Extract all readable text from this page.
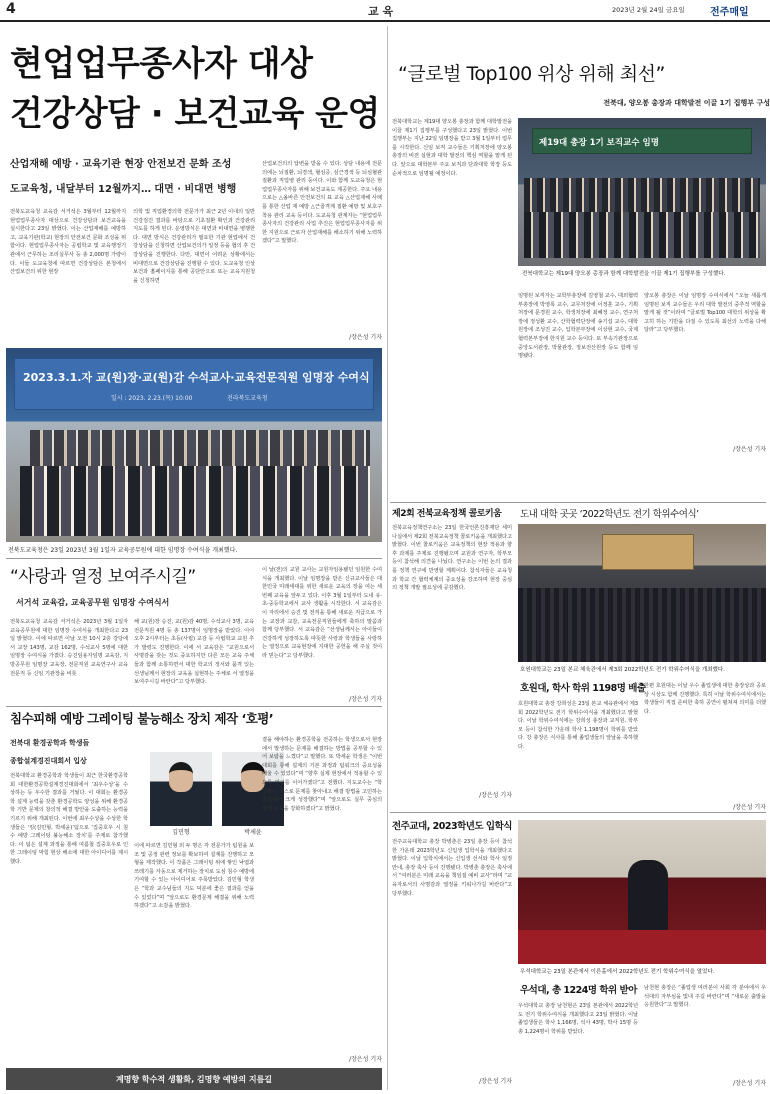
4	교 육	2023년 2월 24일 금요일	전주매일
현업업무종사자 대상
건강상담 · 보건교육 운영
산업재해 예방 · 교육기관 현장 안전보건 문화 조성
도교육청, 내달부터 12월까지… 대면 · 비대면 병행
전북도교육청 교육감 서거석은 3월부터 12월까지 현업업무종사자 대상으로 건강상담과 보건교육을 실시한다고 23일 밝혔다. 이는 산업재해를 예방하고, 교육기관(학교) 현장의 안전보건 문화 조성을 위함이다. 현업업무종사자는 공립학교 및 교육행정기관에서 근무하는 조리실무사 등 총 2,000명 가량이다. 이들 도교육청에 따르면 건강상담은 본청에서 산업보건의 위한 현장
의학 및 직업환경의학 전문가가 최근 2년 이내의 일반건강검진 결과를 바탕으로 기초질환 확인과 건강관리 지도를 하게 된다. 운영방식은 대면과 비대면을 병행한다. 대면 방식은 건강관리가 필요한 기관 현업에서 건강상담을 신청하면 산업보건의가 일정 등을 협의 후 건강상담을 진행한다. 다만, 대면이 어려운 상황에서는 비대면으로 건강상담을 진행할 수 있다. 도교육청 인상보건과 홈페이지를 통해 공단안으로 또는 교육지원청을 신청하면
산업보건의의 답변을 받을 수 있다. 상담 내용에 전문의에는 뇌질환, 뇌경색, 혈심증, 심근경색 등 뇌심혈관질환과 직업병 관리 등이다. 이와 함께 도교육청은 현업업무종사자를 위해 보건교육도 제공한다. 주요 내용으로는 △올바른 안전보건의 표 교육 △산업재해 사례를 통한 산업 재 예방 △근골격계 질환 예방 및 보호구 착용 관리 교육 등이다. 도교육청 관계자는 “현업업무종사자의 건강관리 사업 추진은 현업업무종사자를 위한 지원으로 근로자 산업재해를 해소하기 위해 노력하겠다”고 말했다.
/장은성 기자
2023.3.1.자 교(원)장·교(원)감 수석교사·교육전문직원 임명장 수여식
일시 : 2023. 2.23.(목) 10:00	전라북도교육청
전북도교육청은 23일 2023년 3월 1일자 교육공무원에 대한 임명장 수여식을 개최했다.
“사랑과 열정 보여주시길”
서거석 교육감, 교육공무원 임명장 수여식서
전북도교육청 교육감 서거석은 2023년 3월 1일자 교육공무원에 대한 임명장 수여식을 개최한다고 23일 밝혔다. 이에 따르면 이날 오전 10시 2층 강당에서 교장 143명, 교감 162명, 수석교사 5명에 대한 임명장 수여식을 가졌다. 승진임용자임명 교육감, 지방공무원 임명장 교육장, 전문직원 교육연구사 교육전문직 등 신임 기관장을 비롯
해 교(원)장 승진, 교(원)감 40명, 수석교사 3명, 교육전문직원 4명 등 총 137명이 임명장을 받았다. 이어 오후 2시부터는 초등(사립) 교감 등 사립학교 교원 추가 발령도 진행한다. 이에 서 교육감은 “교원으로서 사명감을 갖는 것도 중요하지만 다른 모든 교육 주체들과 함께 소통하면서 대한 학교의 정서와 품격 있는 선생님께서 현장의 교육을 실현하는 주체로 서 열정을 보여주시길 바란다”고 당부했다.
이 날(전)의 교원 교사는 교원자임용됐던 임원한 수여식을 개최했다. 이날 임명장을 받은 신규교사들은 대한민국 미래세대를 위한 새로운 교육의 장을 여는 세 번째 교육을 앞두고 있다. 이후 3월 1일부터 도내 유·초·중등학교에서 교사 생활을 시작한다. 서 교육감은 이 자리에서 승진 및 전직을 통해 새로운 직급으로 가는 교장과 교감, 교육전문직원들에게 축하의 말씀과 함께 당부했다. 서 교육감은 “선생님께서는 아이들이 건강하게 성장하도록 따뜻한 사랑과 학생들을 사랑하는 열정으로 교육현장에 지대한 공헌을 해 주실 것이라 믿는다”고 당부했다.
/장은성 기자
침수피해 예방 그레이팅 불능해소 장치 제작 ‘호평’
전북대 환경공학과 학생들
종합설계경진대회서 입상
전북대학교 환경공학과 학생들이 최근 한국환경공학회 대한환경공학설계경진대회에서 ‘최우수상’을 수상하는 등 우수한 결과를 거뒀다. 이 대회는 환경공학 설계 능력을 갖춘 환경공학도 양성을 위해 환경공학 기반 문제의 창의적 해결 방안을 도출하는 능력을 기르기 위해 개최된다. 이번에 최우수상을 수상한 학생들은 ‘킹(김민형, 박세윤)’팀으로 ‘집중호우 시 침수 예방 그레이팅 불능해소 장치’를 주제로 참가했다. 이 팀은 설계 과정을 통해 여름철 집중호우로 인한 그레이팅 막힘 현상 해소에 대한 아이디어를 제시했다.
김민형	박세윤
이에 따르면 김민형 외 두 명은 각 전문가가 팀원을 보조 및 공정 관련 정보를 확보하여 설계를 진행하고 모형을 제작했다. 이 작품은 그레이팅 위에 쌓인 낙엽과 쓰레기를 자동으로 제거하는 장치로 도심 침수 예방에 기여할 수 있는 아이디어로 주목받았다. 김민형 학생은 “학과 교수님들의 지도 덕분에 좋은 결과를 얻을 수 있었다”며 “앞으로도 환경문제 해결을 위해 노력하겠다”고 소감을 밝혔다.
결을 해야하는 환경공학을 전공하는 학생으로서 현장에서 발생하는 문제를 해결하는 방법을 공부할 수 있어 보람을 느꼈다”고 말했다. 또 박세윤 학생은 “이번 대회를 통해 설계의 기본 과정과 팀워크의 중요성을 배울 수 있었다”며 “향후 실제 현장에서 적용할 수 있도록 연구를 이어가겠다”고 전했다. 지도교수는 “학생들이 스스로 문제를 찾아내고 해결 방법을 고민하는 과정에서 크게 성장했다”며 “앞으로도 실무 중심의 설계 교육을 강화하겠다”고 밝혔다.
/장은성 기자
계명향 학수적 생활화, 김명향 예방의 지름길
“글로벌 Top100 위상 위해 최선”
전북대, 양오봉 총장과 대학발전 이끌 1기 집행부 구성
전북대학교는 제19대 양오봉 총장과 함께 대학발전을 이끌 제1기 집행부를 구성했다고 23일 밝혔다. 이번 집행부는 지난 22일 임명장을 받고 3월 1일부터 업무를 시작한다. 신임 보직 교수들은 기획처장에 양오봉 총장의 비전 실현과 대학 발전의 핵심 역할을 맡게 된다. 앞으로 대학본부 주요 보직과 단과대학 학장 등도 순차적으로 임명될 예정이다.
제19대 총장 1기 보직교수 임명
전북대학교는 제19대 양오봉 총장과 함께 대학발전을 이끌 제1기 집행부를 구성했다.
임명된 보직자는 교학부총장에 김영철 교수, 대외협력부총장에 박영록 교수, 교무처장에 이정훈 교수, 기획처장에 문경원 교수, 학생처장에 최혜정 교수, 연구처장에 정성환 교수, 산학협력단장에 송기섭 교수, 대학원장에 조성진 교수, 입학본부장에 이상현 교수, 국제협력본부장에 한지원 교수 등이다. 또 부속기관장으로 중앙도서관장, 박물관장, 정보전산원장 등도 함께 임명됐다.
양오봉 총장은 이날 임명장 수여식에서 “오늘 새롭게 임명된 보직 교수들은 우리 대학 발전의 중추적 역할을 맡게 될 것”이라며 “글로벌 Top100 대학의 위상을 확고히 하는 기반을 다질 수 있도록 최선의 노력을 다해 달라”고 당부했다.
/장은성 기자
제2회 전북교육정책 콜로키움
전북교육정책연구소는 23일 한국언론진흥재단 세미나실에서 제2회 전북교육정책 콜로키움을 개최했다고 밝혔다. 이번 콜로키움은 교육정책의 현장 적용과 향후 과제를 주제로 진행됐으며 교원과 연구자, 학부모 등이 참석해 의견을 나눴다. 연구소는 이번 논의 결과를 정책 연구에 반영할 계획이다. 참석자들은 교육청과 학교 간 협력체계의 중요성을 강조하며 현장 중심의 정책 개발 필요성에 공감했다.
/장은성 기자
도내 대학 곳곳 ‘2022학년도 전기 학위수여식’
호원대학교는 23일 본교 체육관에서 제3회 2022학년도 전기 학위수여식을 개최했다.
호원대, 학사 학위 1198명 배출
호원대학교 총장 강희성은 23일 본교 체육관에서 제3회 2022학년도 전기 학위수여식을 개최했다고 밝혔다. 이날 학위수여식에는 강희성 총장과 교직원, 학부모 등이 참석한 가운데 학사 1,198명이 학위를 받았다. 강 총장은 식사를 통해 졸업생들의 앞날을 축하했다.
한편 호원대는 이날 우수 졸업생에 대한 총장상과 공로상 시상도 함께 진행했다. 특히 이날 학위수여식에서는 학생들이 직접 준비한 축하 공연이 펼쳐져 의미를 더했다.
/장은성 기자
전주교대, 2023학년도 입학식
전주교육대학교 총장 박병춘은 23일 총장 등이 참석한 가운데 2023학년도 신입생 입학식을 개최했다고 밝혔다. 이날 입학식에서는 신입생 선서와 학사 일정 안내, 총장 축사 등이 진행됐다. 박병춘 총장은 축사에서 “여러분은 미래 교육을 책임질 예비 교사”라며 “교육자로서의 사명감과 열정을 키워나가길 바란다”고 당부했다.
/장은성 기자
우석대학교는 23일 본관에서 이른홀에서 2022학년도 전기 학위수여식을 열었다.
우석대, 총 1224명 학위 받아
우석대학교 총장 남천현은 23일 본관에서 2022학년도 전기 학위수여식을 개최했다고 23일 밝혔다. 이날 졸업생들은 학사 1,166명, 석사 43명, 박사 15명 등 총 1,224명이 학위를 받았다.
남천현 총장은 “졸업생 여러분이 사회 각 분야에서 우석대의 자부심을 빛내 주길 바란다”며 “새로운 출발을 응원한다”고 말했다.
/장은성 기자
